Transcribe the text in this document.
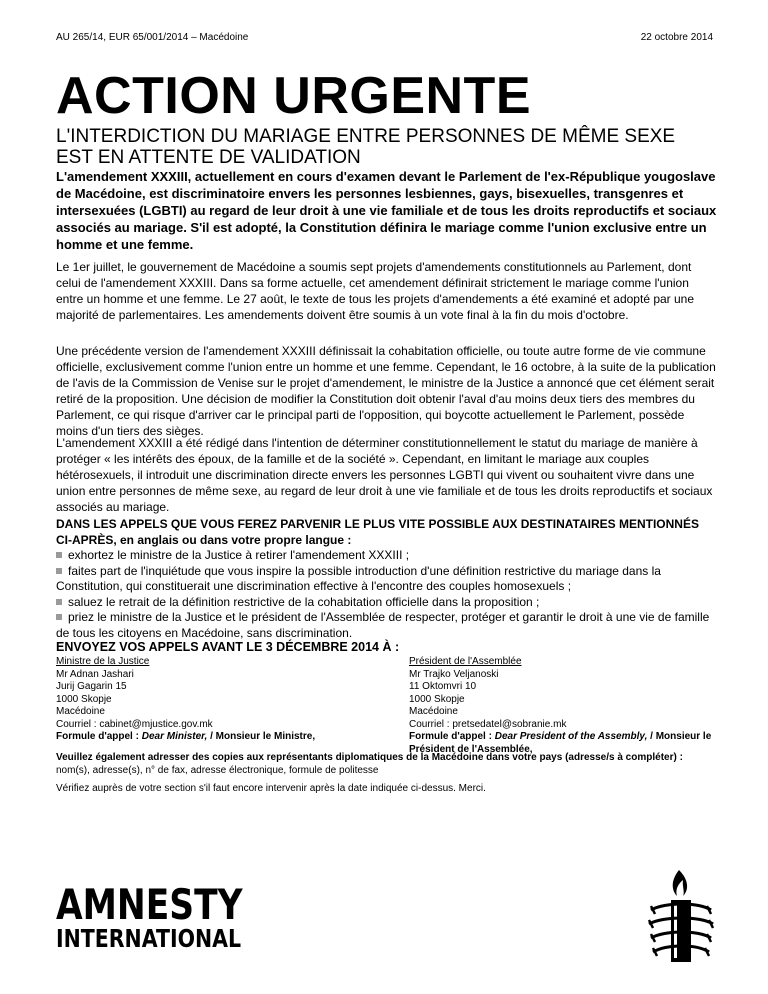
AU 265/14, EUR 65/001/2014 – Macédoine	22 octobre 2014
ACTION URGENTE
L'INTERDICTION DU MARIAGE ENTRE PERSONNES DE MÊME SEXE EST EN ATTENTE DE VALIDATION

L'amendement XXXIII, actuellement en cours d'examen devant le Parlement de l'ex-République yougoslave de Macédoine, est discriminatoire envers les personnes lesbiennes, gays, bisexuelles, transgenres et intersexuées (LGBTI) au regard de leur droit à une vie familiale et de tous les droits reproductifs et sociaux associés au mariage. S'il est adopté, la Constitution définira le mariage comme l'union exclusive entre un homme et une femme.

Le 1er juillet, le gouvernement de Macédoine a soumis sept projets d'amendements constitutionnels au Parlement, dont celui de l'amendement XXXIII. Dans sa forme actuelle, cet amendement définirait strictement le mariage comme l'union entre un homme et une femme. Le 27 août, le texte de tous les projets d'amendements a été examiné et adopté par une majorité de parlementaires. Les amendements doivent être soumis à un vote final à la fin du mois d'octobre.

Une précédente version de l'amendement XXXIII définissait la cohabitation officielle, ou toute autre forme de vie commune officielle, exclusivement comme l'union entre un homme et une femme. Cependant, le 16 octobre, à la suite de la publication de l'avis de la Commission de Venise sur le projet d'amendement, le ministre de la Justice a annoncé que cet élément serait retiré de la proposition. Une décision de modifier la Constitution doit obtenir l'aval d'au moins deux tiers des membres du Parlement, ce qui risque d'arriver car le principal parti de l'opposition, qui boycotte actuellement le Parlement, possède moins d'un tiers des sièges.

L'amendement XXXIII a été rédigé dans l'intention de déterminer constitutionnellement le statut du mariage de manière à protéger « les intérêts des époux, de la famille et de la société ». Cependant, en limitant le mariage aux couples hétérosexuels, il introduit une discrimination directe envers les personnes LGBTI qui vivent ou souhaitent vivre dans une union entre personnes de même sexe, au regard de leur droit à une vie familiale et de tous les droits reproductifs et sociaux associés au mariage.

DANS LES APPELS QUE VOUS FEREZ PARVENIR LE PLUS VITE POSSIBLE AUX DESTINATAIRES MENTIONNÉS CI-APRÈS, en anglais ou dans votre propre langue :
exhortez le ministre de la Justice à retirer l'amendement XXXIII ;
faites part de l'inquiétude que vous inspire la possible introduction d'une définition restrictive du mariage dans la Constitution, qui constituerait une discrimination effective à l'encontre des couples homosexuels ;
saluez le retrait de la définition restrictive de la cohabitation officielle dans la proposition ;
priez le ministre de la Justice et le président de l'Assemblée de respecter, protéger et garantir le droit à une vie de famille de tous les citoyens en Macédoine, sans discrimination.
ENVOYEZ VOS APPELS AVANT LE 3 DÉCEMBRE 2014 À :
Ministre de la Justice
Mr Adnan Jashari
Jurij Gagarin 15
1000 Skopje
Macédoine
Courriel : cabinet@mjustice.gov.mk
Formule d'appel : Dear Minister, / Monsieur le Ministre,
Président de l'Assemblée
Mr Trajko Veljanoski
11 Oktomvri 10
1000 Skopje
Macédoine
Courriel : pretsedatel@sobranie.mk
Formule d'appel : Dear President of the Assembly, / Monsieur le Président de l'Assemblée,
Veuillez également adresser des copies aux représentants diplomatiques de la Macédoine dans votre pays (adresse/s à compléter) :
nom(s), adresse(s), n° de fax, adresse électronique, formule de politesse
Vérifiez auprès de votre section s'il faut encore intervenir après la date indiquée ci-dessus. Merci.
AMNESTY
INTERNATIONAL
